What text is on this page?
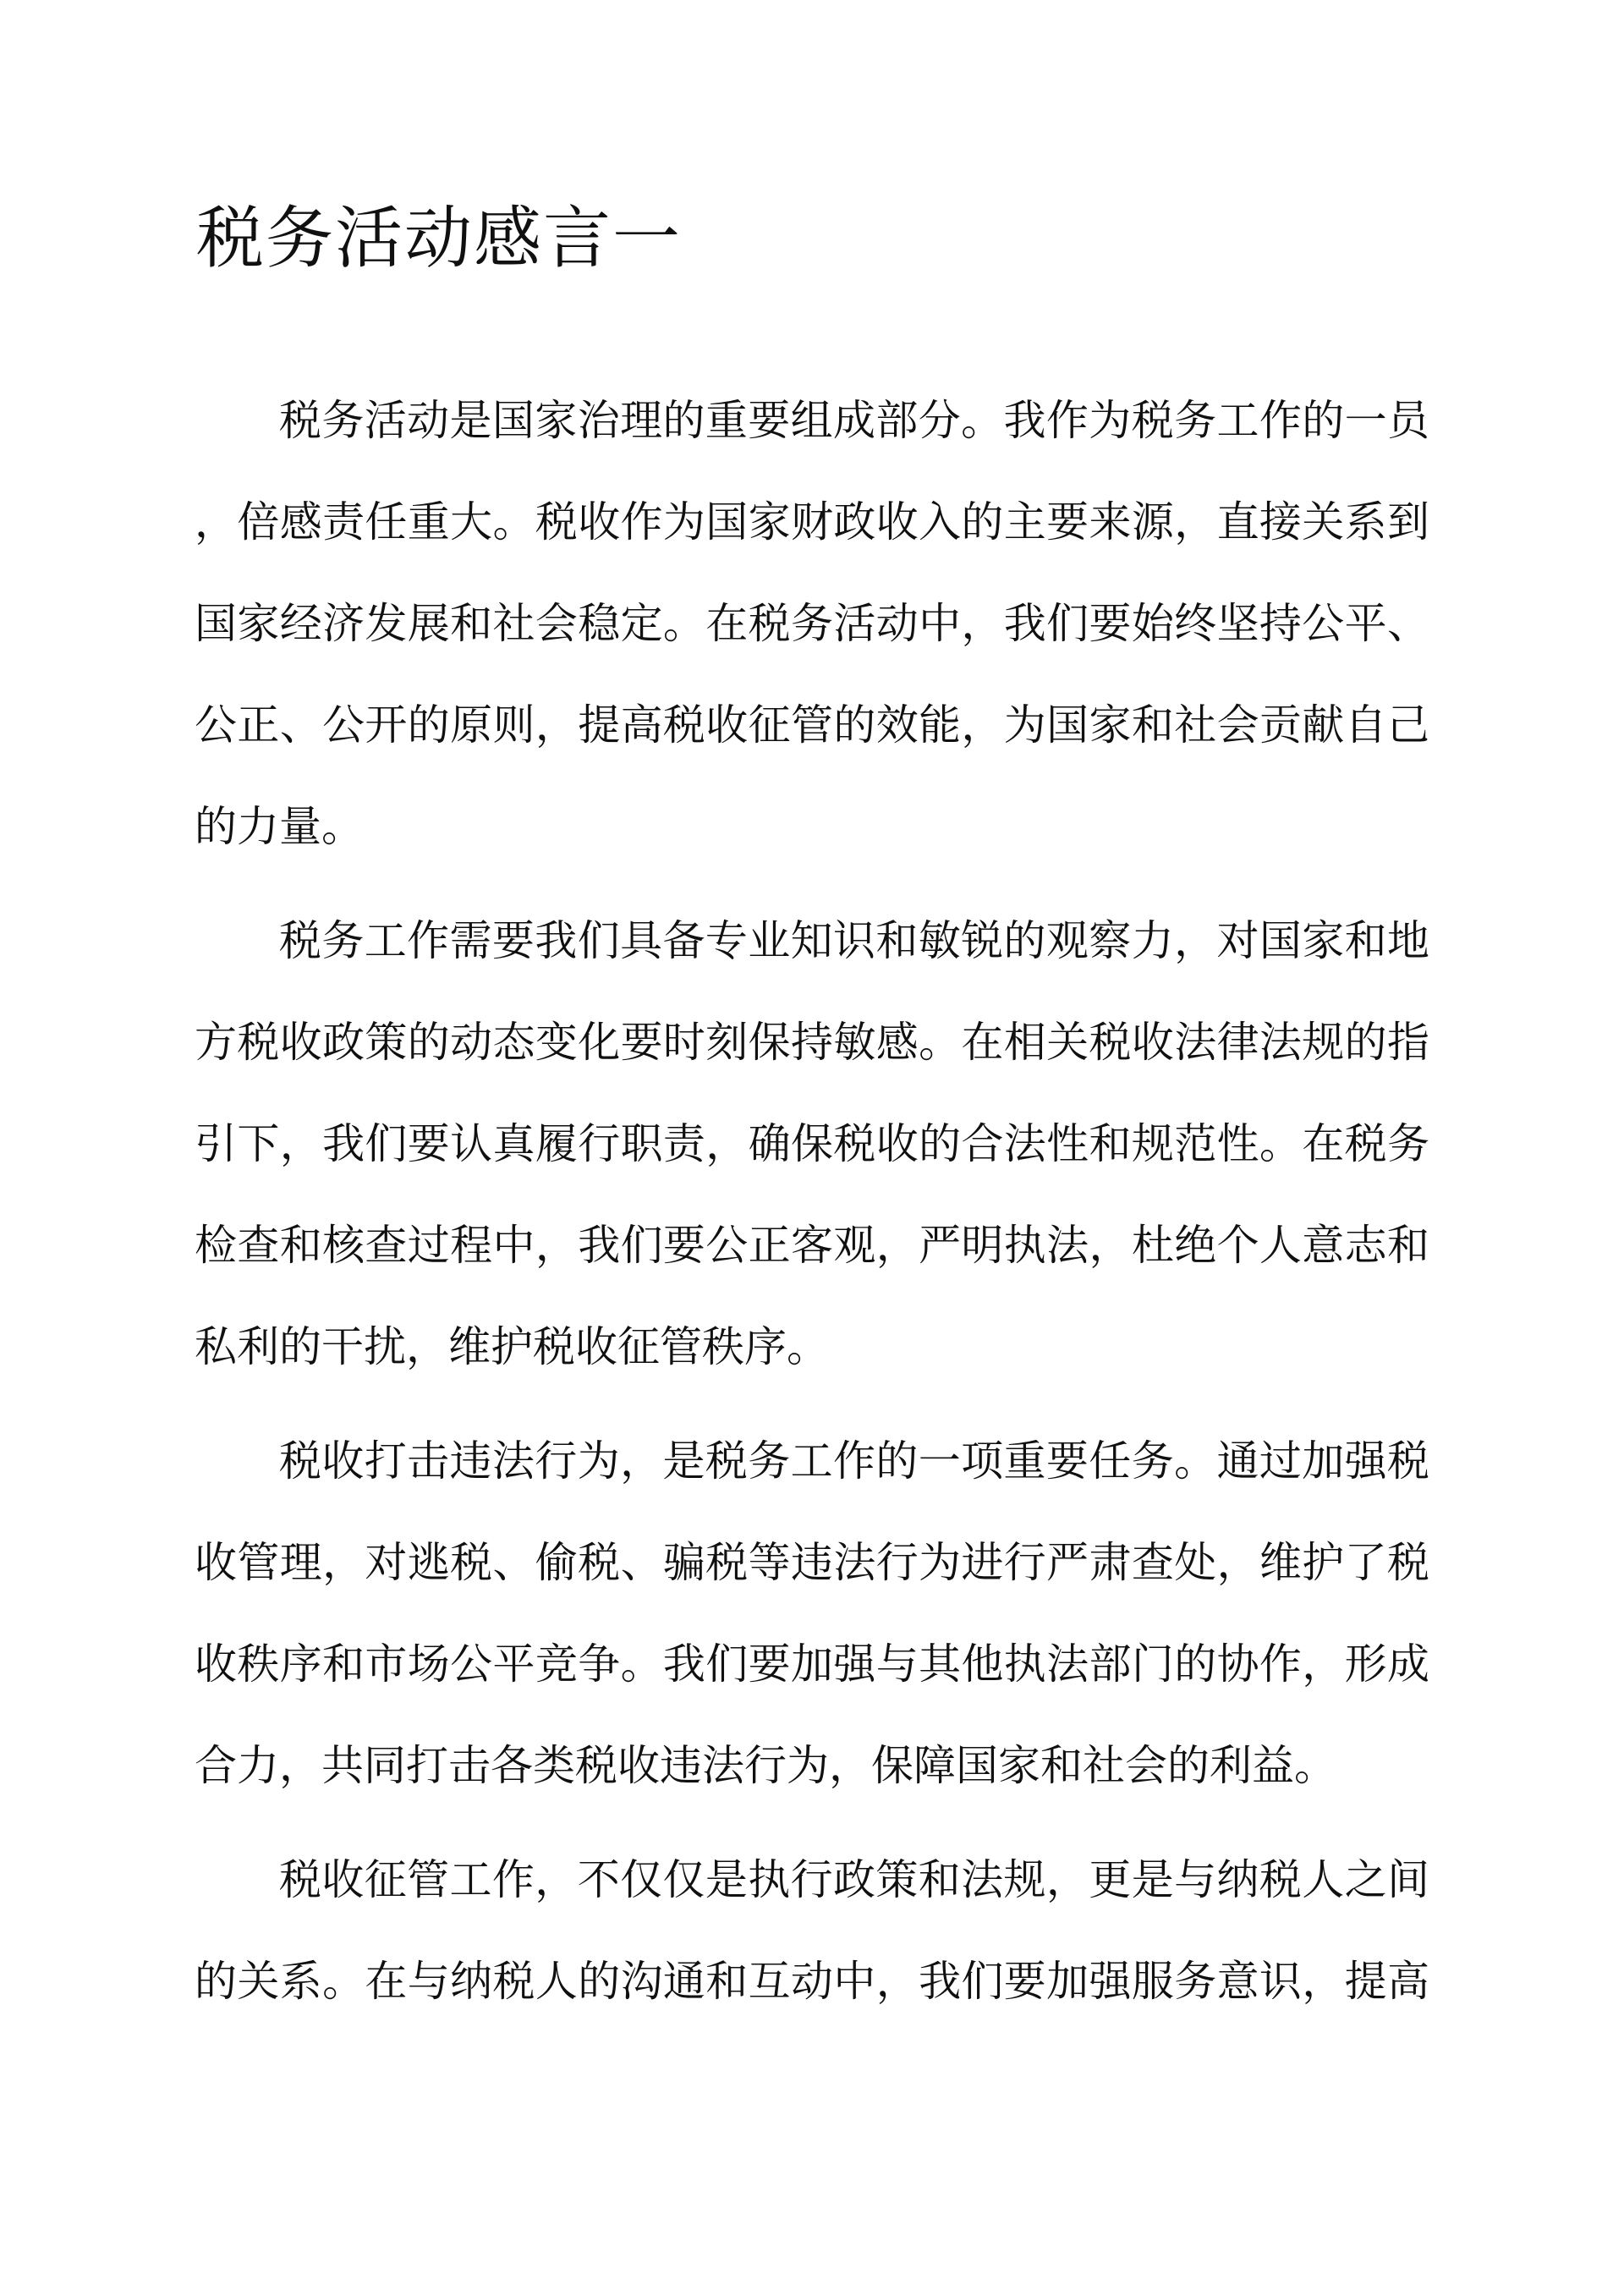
税务活动感言一
税务活动是国家治理的重要组成部分。我作为税务工作的一员
，倍感责任重大。税收作为国家财政收入的主要来源，直接关系到
国家经济发展和社会稳定。在税务活动中，我们要始终坚持公平、
公正、公开的原则，提高税收征管的效能，为国家和社会贡献自己
的力量。
税务工作需要我们具备专业知识和敏锐的观察力，对国家和地
方税收政策的动态变化要时刻保持敏感。在相关税收法律法规的指
引下，我们要认真履行职责，确保税收的合法性和规范性。在税务
检查和核查过程中，我们要公正客观，严明执法，杜绝个人意志和
私利的干扰，维护税收征管秩序。
税收打击违法行为，是税务工作的一项重要任务。通过加强税
收管理，对逃税、偷税、骗税等违法行为进行严肃查处，维护了税
收秩序和市场公平竞争。我们要加强与其他执法部门的协作，形成
合力，共同打击各类税收违法行为，保障国家和社会的利益。
税收征管工作，不仅仅是执行政策和法规，更是与纳税人之间
的关系。在与纳税人的沟通和互动中，我们要加强服务意识，提高
